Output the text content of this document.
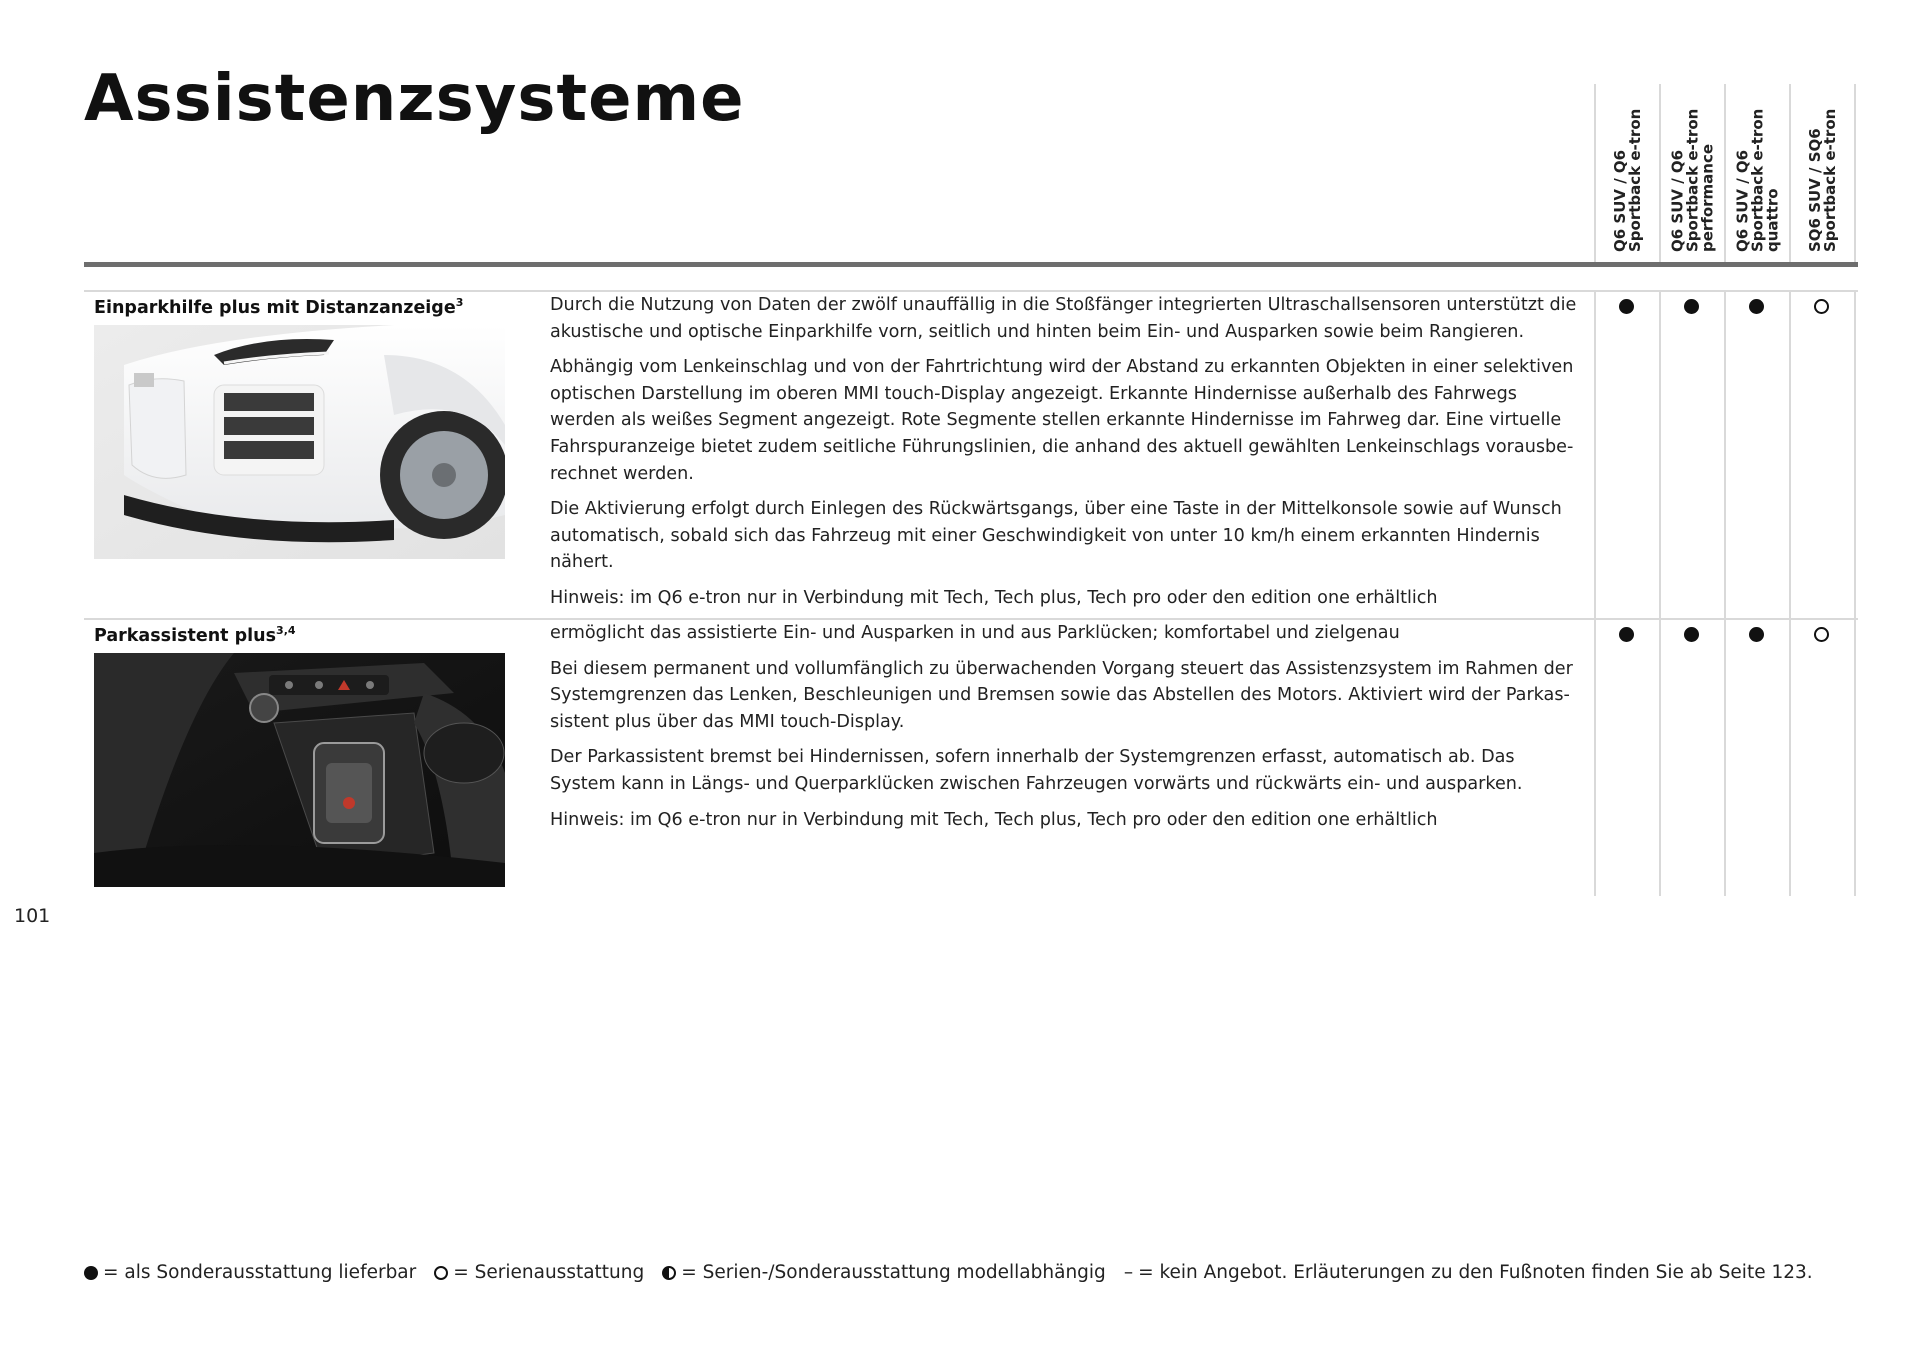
Assistenzsysteme
Q6 SUV / Q6
Sportback e-tron
Q6 SUV / Q6
Sportback e-tron
performance Q6 SUV / Q6
Sportback e-tron
quattro SQ6 SUV / SQ6
Sportback e-tron
Einparkhilfe plus mit Distanzanzeige$^3$	Durch die Nutzung von Daten der zwölf unauffällig in die Stoßfänger integrierten Ultraschallsensoren unterstützt die akustische und optische Einparkhilfe vorn, seitlich und hinten beim Ein- und Ausparken sowie beim Rangieren.

Abhängig vom Lenkeinschlag und von der Fahrtrichtung wird der Abstand zu erkannten Objekten in einer selektiven optischen Darstellung im oberen MMI touch-Display angezeigt. Erkannte Hindernisse außerhalb des Fahrwegs werden als weißes Segment angezeigt. Rote Segmente stellen erkannte Hindernisse im Fahrweg dar. Eine virtuelle Fahrspuranzeige bietet zudem seitliche Führungslinien, die anhand des aktuell gewählten Lenkeinschlags vorausbe-rechnet werden.

Die Aktivierung erfolgt durch Einlegen des Rückwärtsgangs, über eine Taste in der Mittelkonsole sowie auf Wunsch automatisch, sobald sich das Fahrzeug mit einer Geschwindigkeit von unter 10 km/h einem erkannten Hindernis nähert.

Hinweis: im Q6 e-tron nur in Verbindung mit Tech, Tech plus, Tech pro oder den edition one erhältlich

Parkassistent plus$^{3,4}$	ermöglicht das assistierte Ein- und Ausparken in und aus Parklücken; komfortabel und zielgenau

Bei diesem permanent und vollumfänglich zu überwachenden Vorgang steuert das Assistenzsystem im Rahmen der Systemgrenzen das Lenken, Beschleunigen und Bremsen sowie das Abstellen des Motors. Aktiviert wird der Parkas-sistent plus über das MMI touch-Display.

Der Parkassistent bremst bei Hindernissen, sofern innerhalb der Systemgrenzen erfasst, automatisch ab. Das System kann in Längs- und Querparklücken zwischen Fahrzeugen vorwärts und rückwärts ein- und ausparken.

Hinweis: im Q6 e-tron nur in Verbindung mit Tech, Tech plus, Tech pro oder den edition one erhältlich

101
= als Sonderausstattung lieferbar = Serienausstattung = Serien-/Sonderausstattung modellabhängig – = kein Angebot. Erläuterungen zu den Fußnoten finden Sie ab Seite 123.
